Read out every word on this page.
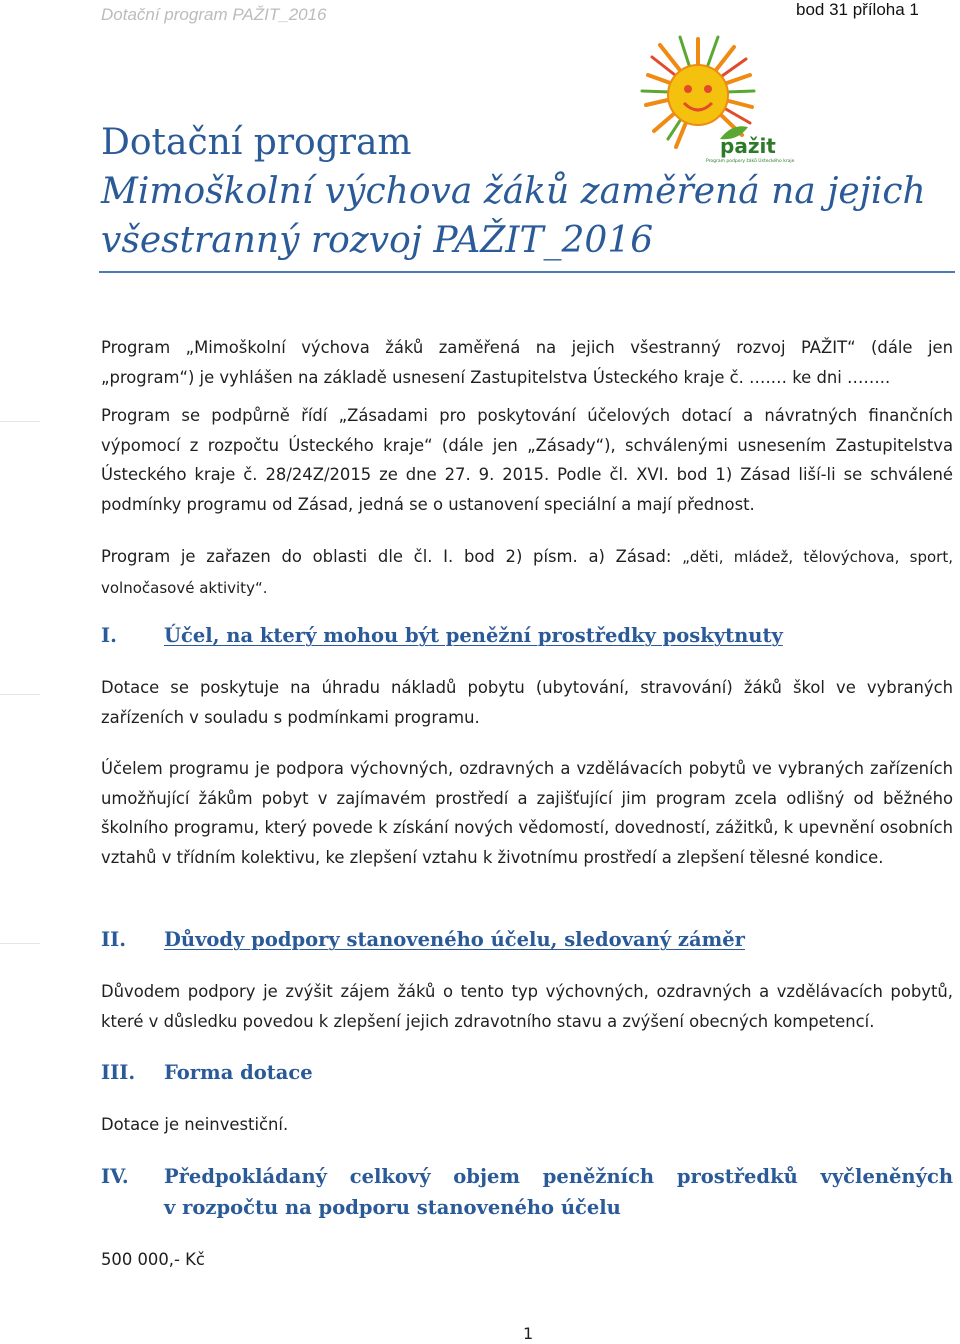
Dotační program PAŽIT_2016	bod 31 příloha 1
pažit
Program podpory žáků Ústeckého kraje
Dotační program
Mimoškolní výchova žáků zaměřená na jejich
všestranný rozvoj PAŽIT_2016
Program „Mimoškolní výchova žáků zaměřená na jejich všestranný rozvoj PAŽIT“ (dále jen
„program“) je vyhlášen na základě usnesení Zastupitelstva Ústeckého kraje č. ….… ke dni ……..
Program se podpůrně řídí „Zásadami pro poskytování účelových dotací a návratných finančních výpomocí z rozpočtu Ústeckého kraje“ (dále jen „Zásady“), schválenými usnesením Zastupitelstva Ústeckého kraje č. 28/24Z/2015 ze dne 27. 9. 2015. Podle čl. XVI. bod 1) Zásad liší-li se schválené podmínky programu od Zásad, jedná se o ustanovení speciální a mají přednost.
Program je zařazen do oblasti dle čl. I. bod 2) písm. a) Zásad: „děti, mládež, tělovýchova, sport, volnočasové aktivity“.
I. Účel, na který mohou být peněžní prostředky poskytnuty
Dotace se poskytuje na úhradu nákladů pobytu (ubytování, stravování) žáků škol ve vybraných zařízeních v souladu s podmínkami programu.
Účelem programu je podpora výchovných, ozdravných a vzdělávacích pobytů ve vybraných zařízeních umožňující žákům pobyt v zajímavém prostředí a zajišťující jim program zcela odlišný od běžného školního programu, který povede k získání nových vědomostí, dovedností, zážitků, k upevnění osobních vztahů v třídním kolektivu, ke zlepšení vztahu k životnímu prostředí a zlepšení tělesné kondice.
II. Důvody podpory stanoveného účelu, sledovaný záměr
Důvodem podpory je zvýšit zájem žáků o tento typ výchovných, ozdravných a vzdělávacích pobytů, které v důsledku povedou k zlepšení jejich zdravotního stavu a zvýšení obecných kompetencí.
III. Forma dotace
Dotace je neinvestiční.
IV. Předpokládaný celkový objem peněžních prostředků vyčleněných
v rozpočtu na podporu stanoveného účelu
500 000,- Kč
1
